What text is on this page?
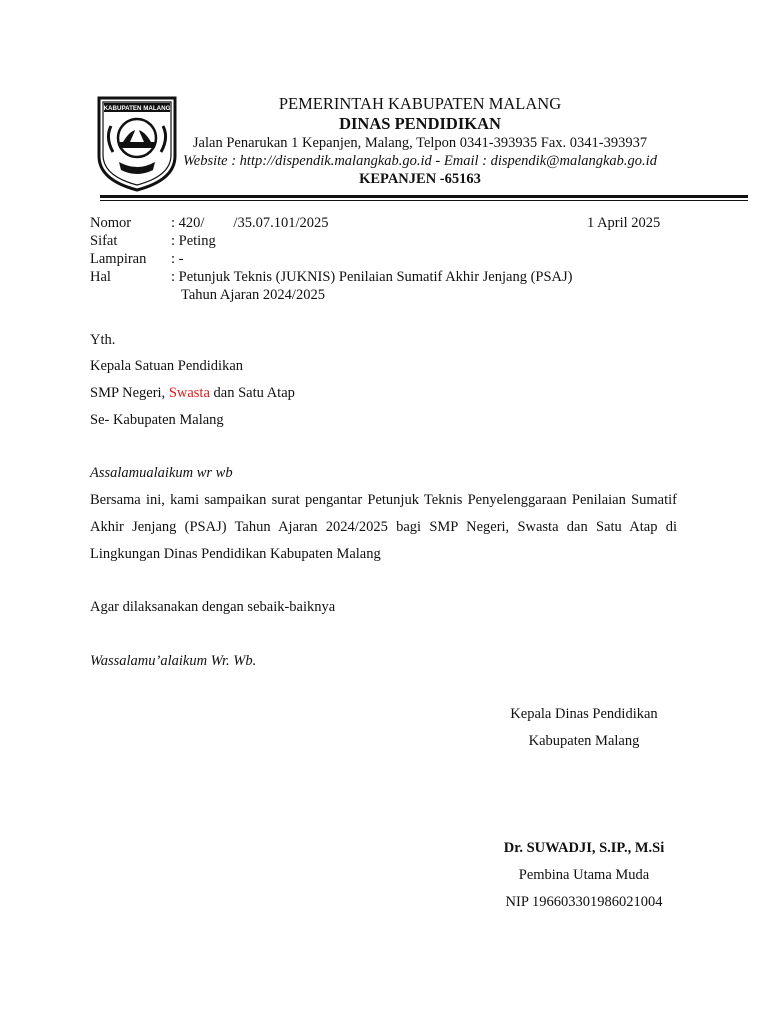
KABUPATEN MALANG	PEMERINTAH KABUPATEN MALANG
DINAS PENDIDIKAN
Jalan Penarukan 1 Kepanjen, Malang, Telpon 0341-393935 Fax. 0341-393937
Website : http://dispendik.malangkab.go.id - Email : dispendik@malangkab.go.id
KEPANJEN -65163
Nomor	: 420/        /35.07.101/2025	1 April 2025
Sifat	: Peting
Lampiran : -
Hal	: Petunjuk Teknis (JUKNIS) Penilaian Sumatif Akhir Jenjang (PSAJ)
Tahun Ajaran 2024/2025
Yth.
Kepala Satuan Pendidikan
SMP Negeri, Swasta dan Satu Atap
Se- Kabupaten Malang
Assalamualaikum wr wb
Bersama ini, kami sampaikan surat pengantar Petunjuk Teknis Penyelenggaraan Penilaian Sumatif Akhir Jenjang (PSAJ) Tahun Ajaran 2024/2025 bagi SMP Negeri, Swasta dan Satu Atap di Lingkungan Dinas Pendidikan Kabupaten Malang
Agar dilaksanakan dengan sebaik-baiknya
Wassalamu’alaikum Wr. Wb.
Kepala Dinas Pendidikan
Kabupaten Malang
Dr. SUWADJI, S.IP., M.Si
Pembina Utama Muda
NIP 196603301986021004
